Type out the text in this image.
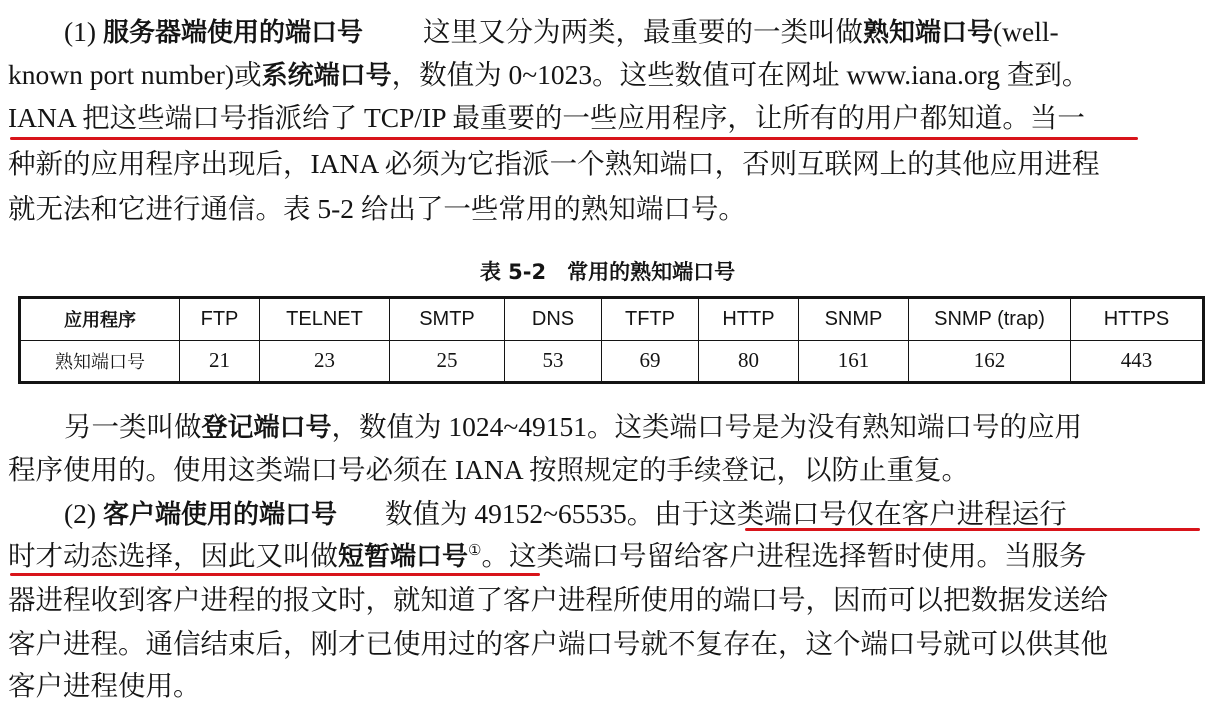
(1) 服务器端使用的端口号 这里又分为两类，最重要的一类叫做熟知端口号(well-
known port number)或系统端口号，数值为 0~1023。这些数值可在网址 www.iana.org 查到。
IANA 把这些端口号指派给了 TCP/IP 最重要的一些应用程序，让所有的用户都知道。当一
种新的应用程序出现后，IANA 必须为它指派一个熟知端口，否则互联网上的其他应用进程
就无法和它进行通信。表 5-2 给出了一些常用的熟知端口号。
表 5-2　常用的熟知端口号
应用程序	FTP	TELNET	SMTP	DNS	TFTP	HTTP	SNMP	SNMP (trap)	HTTPS
熟知端口号	21	23	25	53	69	80	161	162	443
另一类叫做登记端口号，数值为 1024~49151。这类端口号是为没有熟知端口号的应用
程序使用的。使用这类端口号必须在 IANA 按照规定的手续登记，以防止重复。
(2) 客户端使用的端口号 数值为 49152~65535。由于这类端口号仅在客户进程运行
时才动态选择，因此又叫做短暂端口号①。这类端口号留给客户进程选择暂时使用。当服务
器进程收到客户进程的报文时，就知道了客户进程所使用的端口号，因而可以把数据发送给
客户进程。通信结束后，刚才已使用过的客户端口号就不复存在，这个端口号就可以供其他
客户进程使用。
